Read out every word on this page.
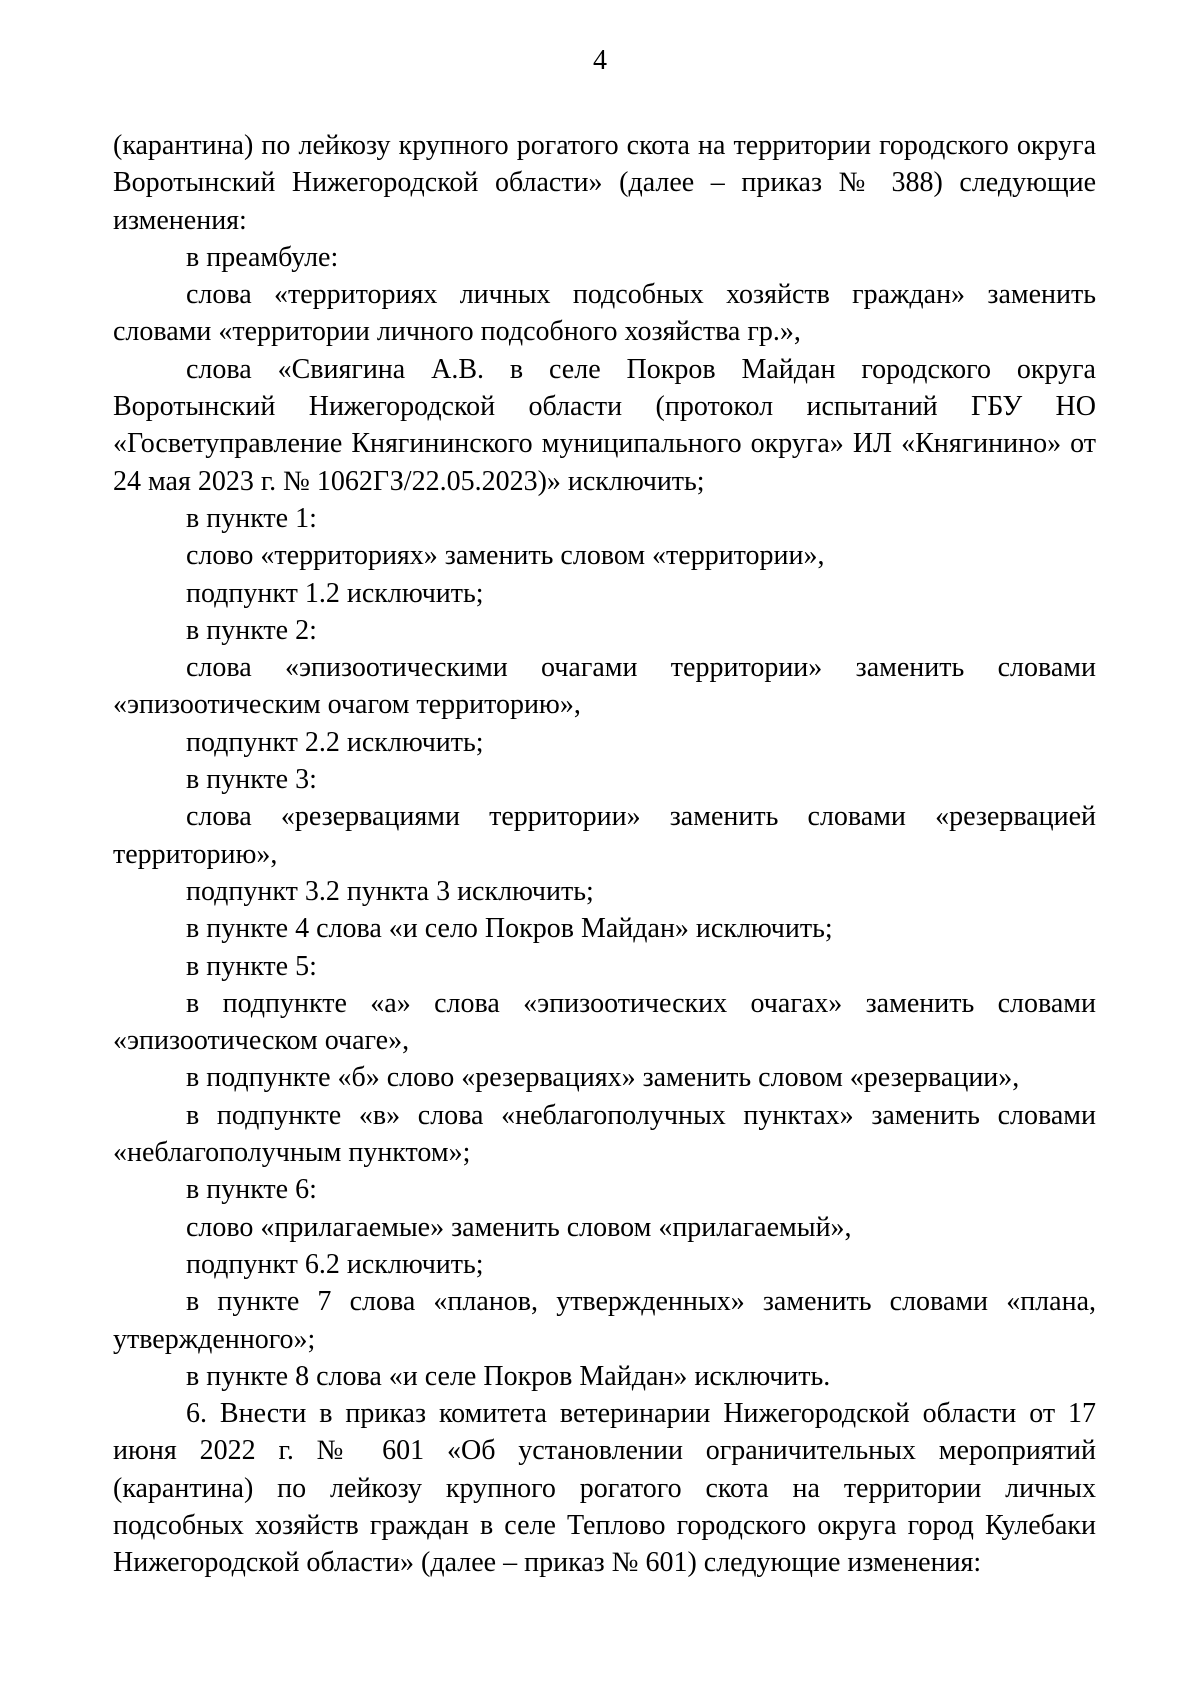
4

(карантина) по лейкозу крупного рогатого скота на территории городского округа Воротынский Нижегородской области» (далее – приказ № 388) следующие изменения:

в преамбуле:

слова «территориях личных подсобных хозяйств граждан» заменить словами «территории личного подсобного хозяйства гр.»,

слова «Свиягина А.В. в селе Покров Майдан городского округа Воротынский Нижегородской области (протокол испытаний ГБУ НО «Госветуправление Княгининского муниципального округа» ИЛ «Княгинино» от 24 мая 2023 г. № 1062ГЗ/22.05.2023)» исключить;

в пункте 1:

слово «территориях» заменить словом «территории»,

подпункт 1.2 исключить;

в пункте 2:

слова «эпизоотическими очагами территории» заменить словами «эпизоотическим очагом территорию»,

подпункт 2.2 исключить;

в пункте 3:

слова «резервациями территории» заменить словами «резервацией территорию»,

подпункт 3.2 пункта 3 исключить;

в пункте 4 слова «и село Покров Майдан» исключить;

в пункте 5:

в подпункте «а» слова «эпизоотических очагах» заменить словами «эпизоотическом очаге»,

в подпункте «б» слово «резервациях» заменить словом «резервации»,

в подпункте «в» слова «неблагополучных пунктах» заменить словами «неблагополучным пунктом»;

в пункте 6:

слово «прилагаемые» заменить словом «прилагаемый»,

подпункт 6.2 исключить;

в пункте 7 слова «планов, утвержденных» заменить словами «плана, утвержденного»;

в пункте 8 слова «и селе Покров Майдан» исключить.

6. Внести в приказ комитета ветеринарии Нижегородской области от 17 июня 2022 г. № 601 «Об установлении ограничительных мероприятий (карантина) по лейкозу крупного рогатого скота на территории личных подсобных хозяйств граждан в селе Теплово городского округа город Кулебаки Нижегородской области» (далее – приказ № 601) следующие изменения:
